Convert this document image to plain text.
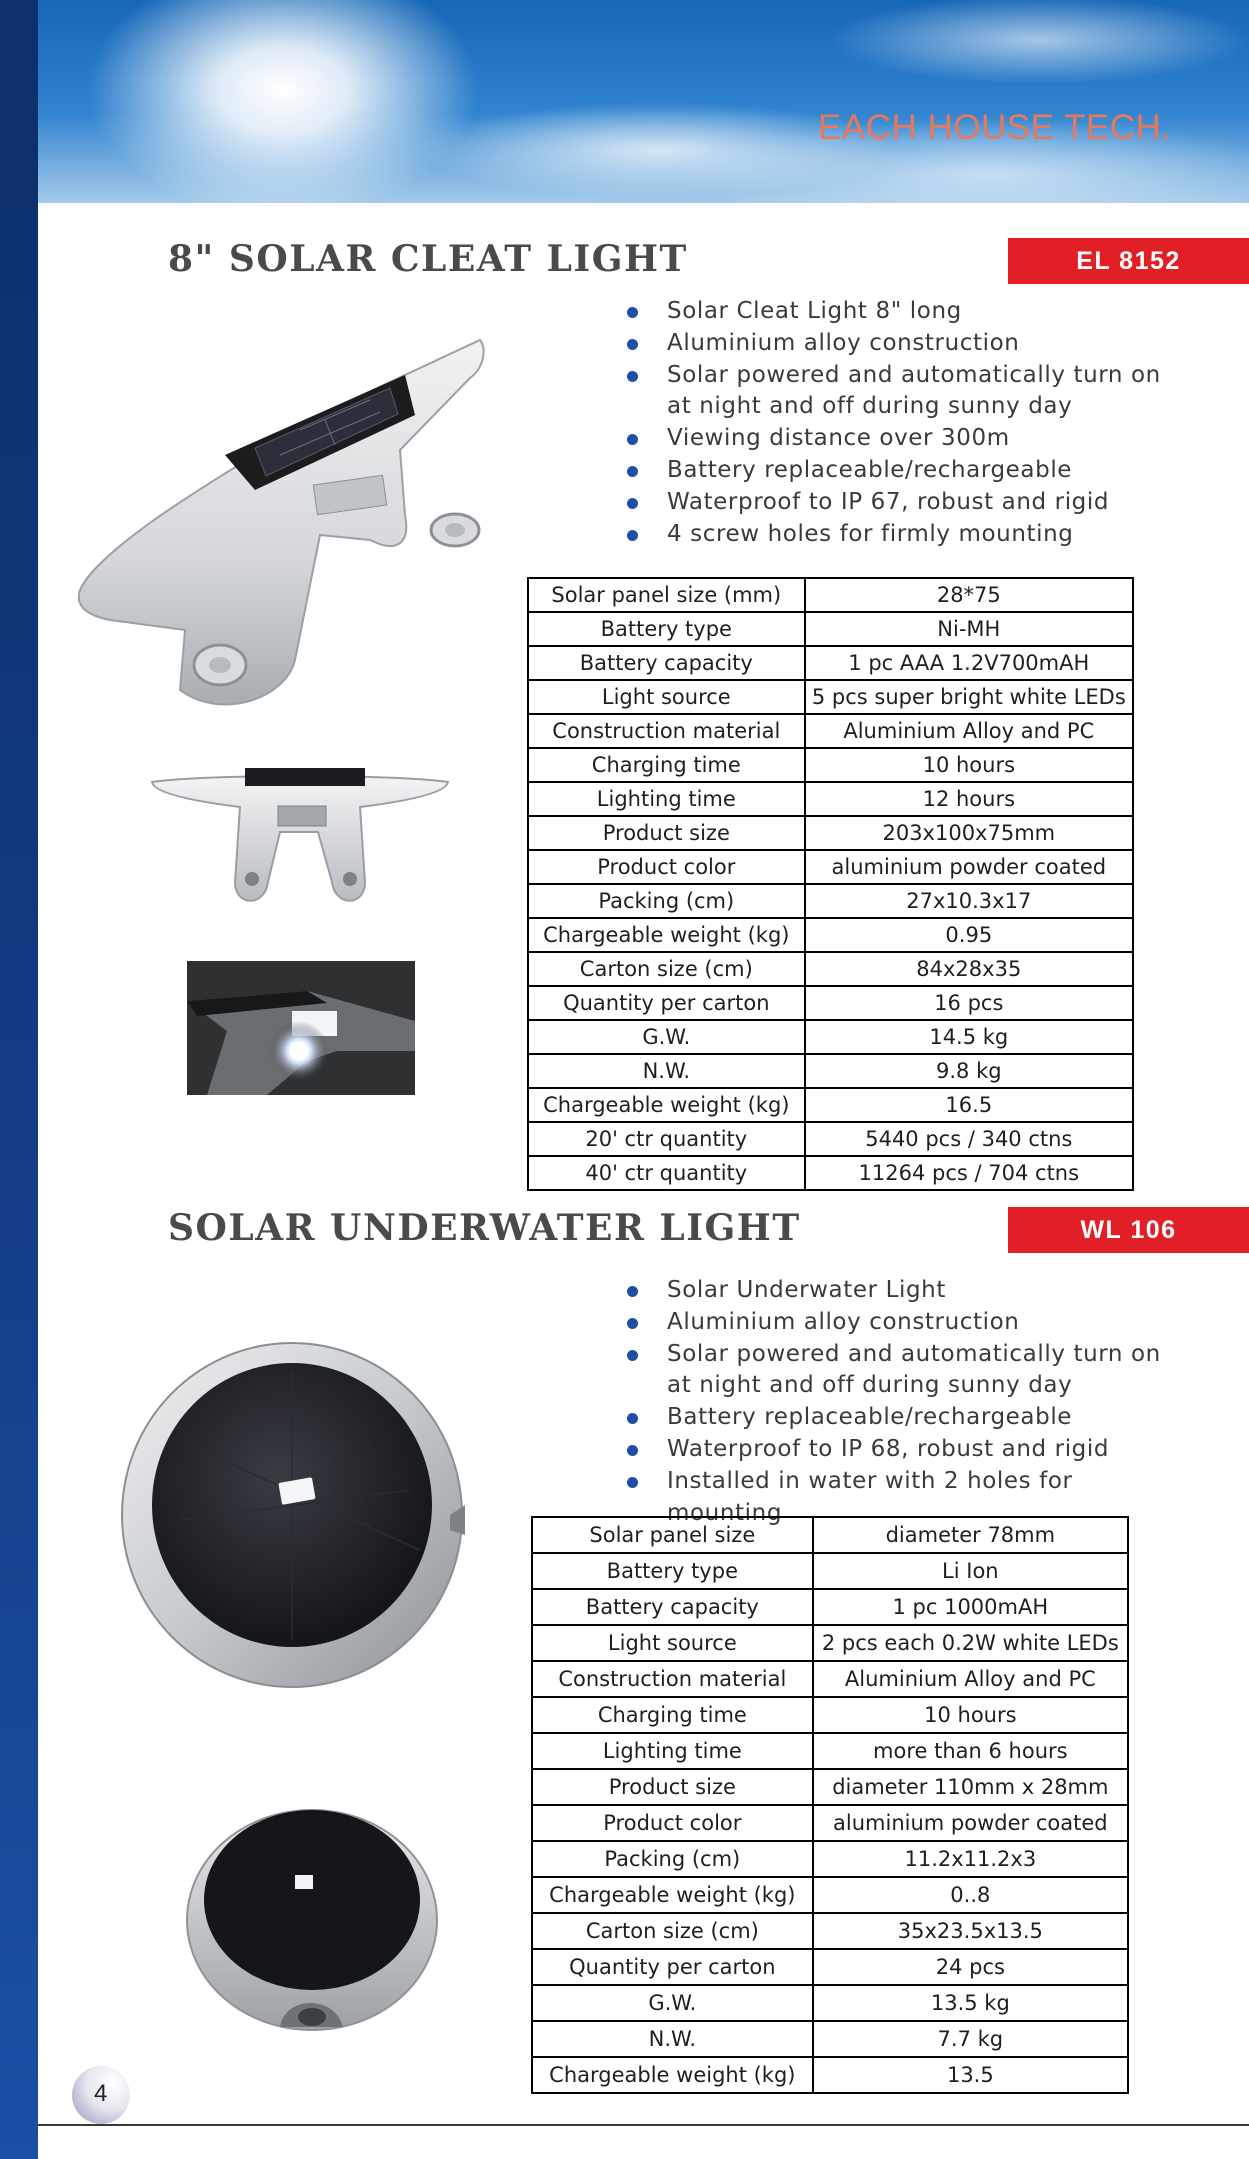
EACH HOUSE TECH.
8" SOLAR CLEAT LIGHT	EL 8152
Solar Cleat Light 8" long
Aluminium alloy construction
Solar powered and automatically turn on
at night and off during sunny day
Viewing distance over 300m
Battery replaceable/rechargeable
Waterproof to IP 67, robust and rigid
4 screw holes for firmly mounting
Solar panel size (mm)	28*75
Battery type	Ni-MH
Battery capacity	1 pc AAA 1.2V700mAH
Light source	5 pcs super bright white LEDs
Construction material	Aluminium Alloy and PC
Charging time	10 hours
Lighting time	12 hours
Product size	203x100x75mm
Product color	aluminium powder coated
Packing (cm)	27x10.3x17
Chargeable weight (kg)	0.95
Carton size (cm)	84x28x35
Quantity per carton	16 pcs
G.W.	14.5 kg
N.W.	9.8 kg
Chargeable weight (kg)	16.5
20' ctr quantity	5440 pcs / 340 ctns
40' ctr quantity	11264 pcs / 704 ctns
SOLAR UNDERWATER LIGHT	WL 106
Solar Underwater Light
Aluminium alloy construction
Solar powered and automatically turn on
at night and off during sunny day
Battery replaceable/rechargeable
Waterproof to IP 68, robust and rigid
Installed in water with 2 holes for mounting
Solar panel size	diameter 78mm
Battery type	Li Ion
Battery capacity	1 pc 1000mAH
Light source	2 pcs each 0.2W white LEDs
Construction material	Aluminium Alloy and PC
Charging time	10 hours
Lighting time	more than 6 hours
Product size	diameter 110mm x 28mm
Product color	aluminium powder coated
Packing (cm)	11.2x11.2x3
Chargeable weight (kg)	0..8
Carton size (cm)	35x23.5x13.5
Quantity per carton	24 pcs
G.W.	13.5 kg
N.W.	7.7 kg
Chargeable weight (kg)	13.5
4
